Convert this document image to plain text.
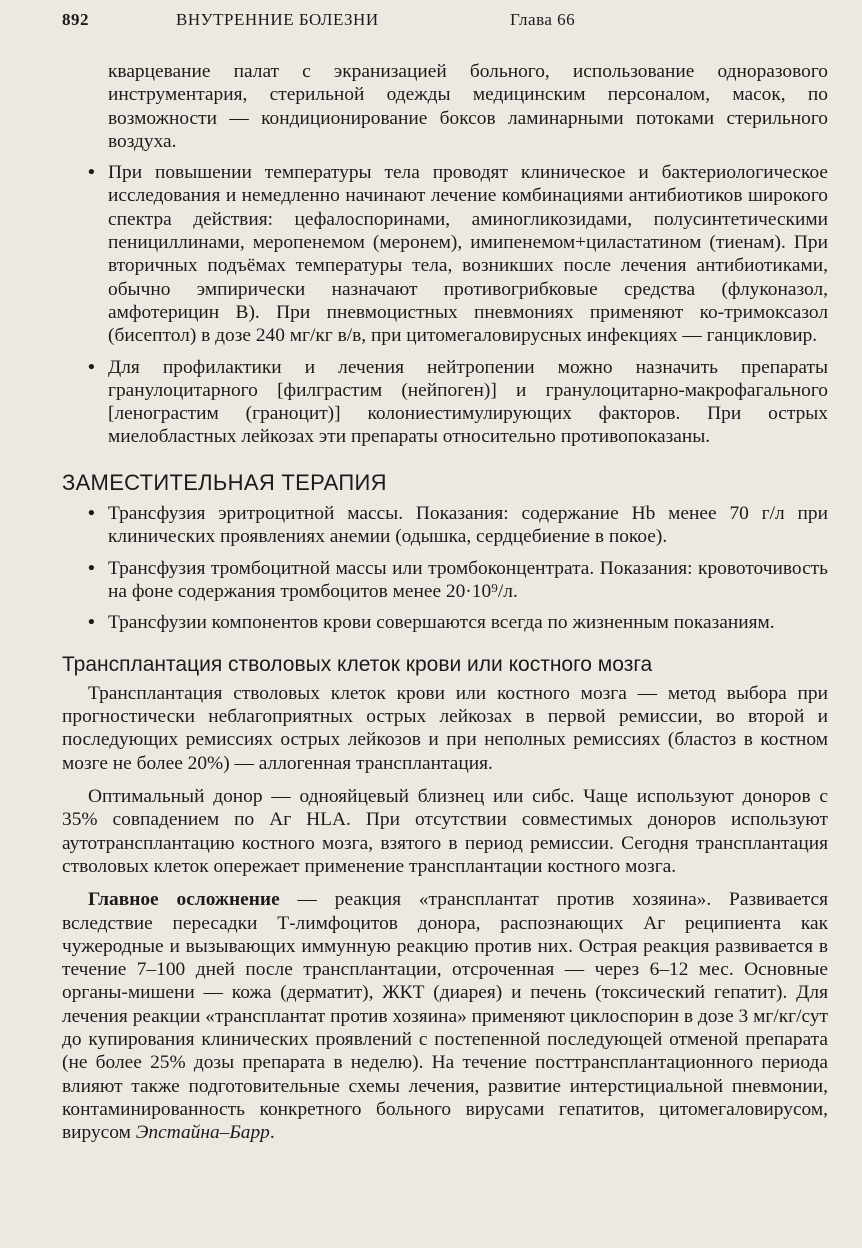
892	ВНУТРЕННИЕ БОЛЕЗНИ	Глава 66
кварцевание палат с экранизацией больного, использование одноразового инструментария, стерильной одежды медицинским персоналом, масок, по возможности — кондиционирование боксов ламинарными потоками стерильного воздуха.
• При повышении температуры тела проводят клиническое и бактериологическое исследования и немедленно начинают лечение комбинациями антибиотиков широкого спектра действия: цефалоспоринами, аминогликозидами, полусинтетическими пенициллинами, меропенемом (меронем), имипенемом+циластатином (тиенам). При вторичных подъёмах температуры тела, возникших после лечения антибиотиками, обычно эмпирически назначают противогрибковые средства (флуконазол, амфотерицин В). При пневмоцистных пневмониях применяют ко-тримоксазол (бисептол) в дозе 240 мг/кг в/в, при цитомегаловирусных инфекциях — ганцикловир.
• Для профилактики и лечения нейтропении можно назначить препараты гранулоцитарного [филграстим (нейпоген)] и гранулоцитарно-макрофагального [ленограстим (граноцит)] колониестимулирующих факторов. При острых миелобластных лейкозах эти препараты относительно противопоказаны.
ЗАМЕСТИТЕЛЬНАЯ ТЕРАПИЯ
• Трансфузия эритроцитной массы. Показания: содержание Hb менее 70 г/л при клинических проявлениях анемии (одышка, сердцебиение в покое).
• Трансфузия тромбоцитной массы или тромбоконцентрата. Показания: кровоточивость на фоне содержания тромбоцитов менее 20·10⁹/л.
• Трансфузии компонентов крови совершаются всегда по жизненным показаниям.
Трансплантация стволовых клеток крови или костного мозга

Трансплантация стволовых клеток крови или костного мозга — метод выбора при прогностически неблагоприятных острых лейкозах в первой ремиссии, во второй и последующих ремиссиях острых лейкозов и при неполных ремиссиях (бластоз в костном мозге не более 20%) — аллогенная трансплантация.

Оптимальный донор — однояйцевый близнец или сибс. Чаще используют доноров с 35% совпадением по Аг HLA. При отсутствии совместимых доноров используют аутотрансплантацию костного мозга, взятого в период ремиссии. Сегодня трансплантация стволовых клеток опережает применение трансплантации костного мозга.

Главное осложнение — реакция «трансплантат против хозяина». Развивается вследствие пересадки Т-лимфоцитов донора, распознающих Аг реципиента как чужеродные и вызывающих иммунную реакцию против них. Острая реакция развивается в течение 7–100 дней после трансплантации, отсроченная — через 6–12 мес. Основные органы-мишени — кожа (дерматит), ЖКТ (диарея) и печень (токсический гепатит). Для лечения реакции «трансплантат против хозяина» применяют циклоспорин в дозе 3 мг/кг/сут до купирования клинических проявлений с постепенной последующей отменой препарата (не более 25% дозы препарата в неделю). На течение посттрансплантационного периода влияют также подготовительные схемы лечения, развитие интерстициальной пневмонии, контаминированность конкретного больного вирусами гепатитов, цитомегаловирусом, вирусом Эпстайна–Барр.
